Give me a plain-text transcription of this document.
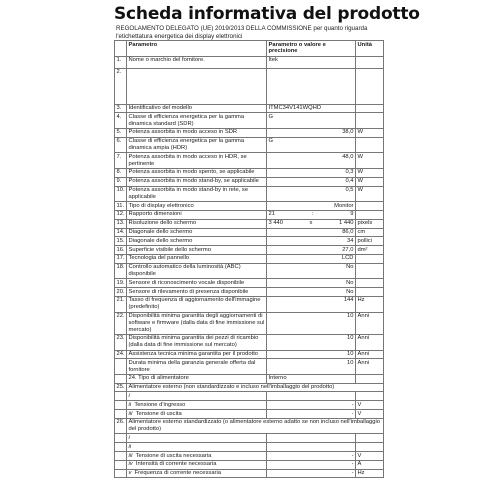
Scheda informativa del prodotto
REGOLAMENTO DELEGATO (UE) 2019/2013 DELLA COMMISSIONE per quanto riguarda l'etichettatura energetica dei display elettronici
	Parametro	Parametro o valore e precisione	Unità
1.	Nome o marchio del fornitore.	Itek	
2.			
3.	Identificativo del modello	ITMC34V141WQHD	
4.	Classe di efficienza energetica per la gamma dinamica standard (SDR)	G	
5.	Potenza assorbita in modo acceso in SDR	38,0	W
6.	Classe di efficienza energetica per la gamma dinamica ampia (HDR)	G	
7.	Potenza assorbita in modo acceso in HDR, se pertinente	48,0	W
8.	Potenza assorbita in modo spento, se applicabile	0,3	W
9.	Potenza assorbita in modo stand-by, se applicabile	0,4	W
10.	Potenza assorbita in modo stand-by in rete, se applicabile	0,5	W
11.	Tipo di display elettronico	Monitor	

12.	Rapporto dimensioni	21 : 9	

13.	Risoluzione dello schermo	3 440 x 1 440	pixels
14.	Diagonale dello schermo	86,0	cm
15.	Diagonale dello schermo	34	pollici
16.	Superficie visibile dello schermo	27,0	dm²
17.	Tecnologia del pannello	LCD	

18.	Controllo automatico della luminosità (ABC) disponibile	No	

19.	Sensore di riconoscimento vocale disponibile	No	

20.	Sensore di rilevamento di presenza disponibile	No	

21.	Tasso di frequenza di aggiornamento dell'immagine (predefinito)	144	Hz
22.	Disponibilità minima garantita degli aggiornamenti di software e firmware (dalla data di fine immissione sul mercato)	10	Anni
23.	Disponibilità minima garantita dei pezzi di ricambio (dalla data di fine immissione sul mercato)	10	Anni
24.	Assistenza tecnica minima garantita per il prodotto	10	Anni
	Durata minima della garanzia generale offerta dal fornitore	10	Anni
	24. Tipo di alimentatore	Interno	
25.	Alimentatore esterno (non standardizzato e incluso nell'imballaggio del prodotto)		
	i		
	ii Tensione d'ingresso	-	V
	iii Tensione di uscita	-	V
26.	Alimentatore esterno standardizzato (o alimentatore esterno adatto se non incluso nell'imballaggio del prodotto)		
	i		
	ii		
	iii Tensione di uscita necessaria	-	V
	iv Intensità di corrente necessaria	-	A
	v Frequenza di corrente necessaria	-	Hz
